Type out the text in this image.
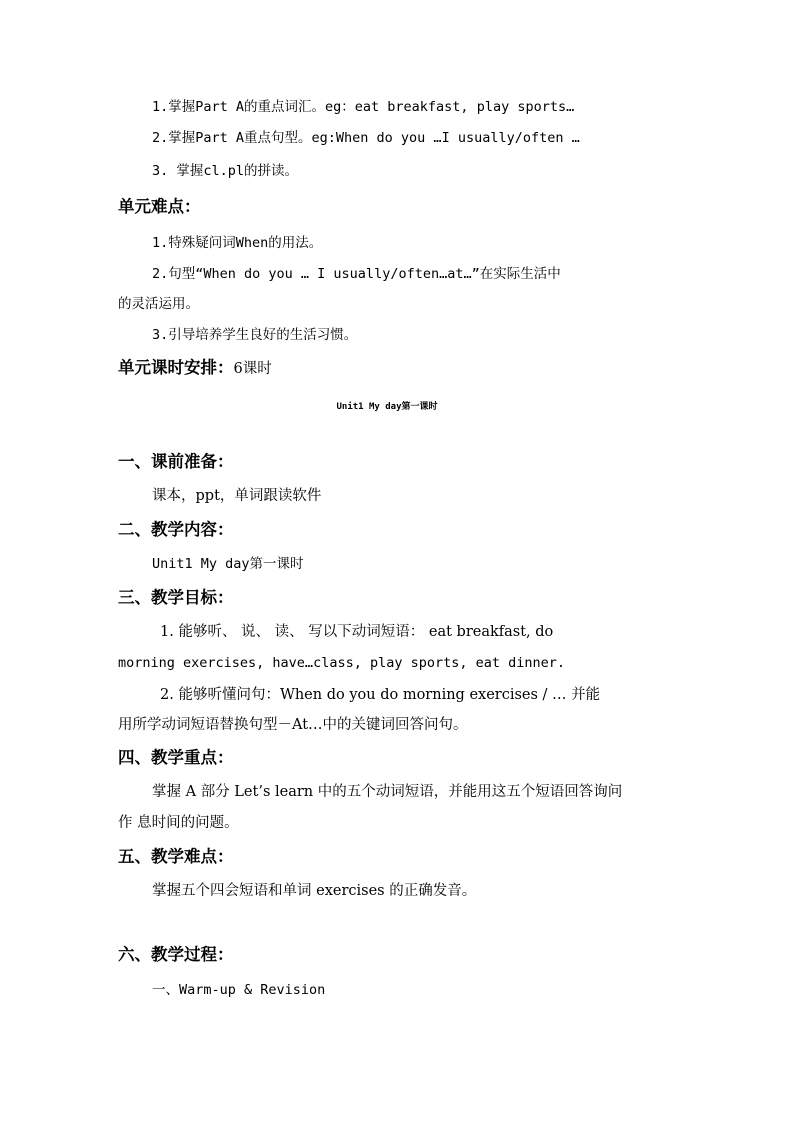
1.掌握Part A的重点词汇。eg：eat breakfast, play sports…
2.掌握Part A重点句型。eg:When do you …I usually/often …
3. 掌握cl.pl的拼读。
单元难点：
1.特殊疑问词When的用法。
2.句型“When do you … I usually/often…at…”在实际生活中
的灵活运用。
3.引导培养学生良好的生活习惯。
单元课时安排：6课时
Unit1 My day第一课时
一、课前准备：
课本，ppt，单词跟读软件
二、教学内容：
Unit1 My day第一课时
三、教学目标：
1. 能够听、 说、 读、 写以下动词短语： eat breakfast, do
morning exercises, have…class, play sports, eat dinner.
2. 能够听懂问句：When do you do morning exercises / … 并能
用所学动词短语替换句型－At…中的关键词回答问句。
四、教学重点：
掌握 A 部分 Let’s learn 中的五个动词短语，并能用这五个短语回答询问
作 息时间的问题。
五、教学难点：
掌握五个四会短语和单词 exercises 的正确发音。
六、教学过程：
一、Warm-up & Revision
